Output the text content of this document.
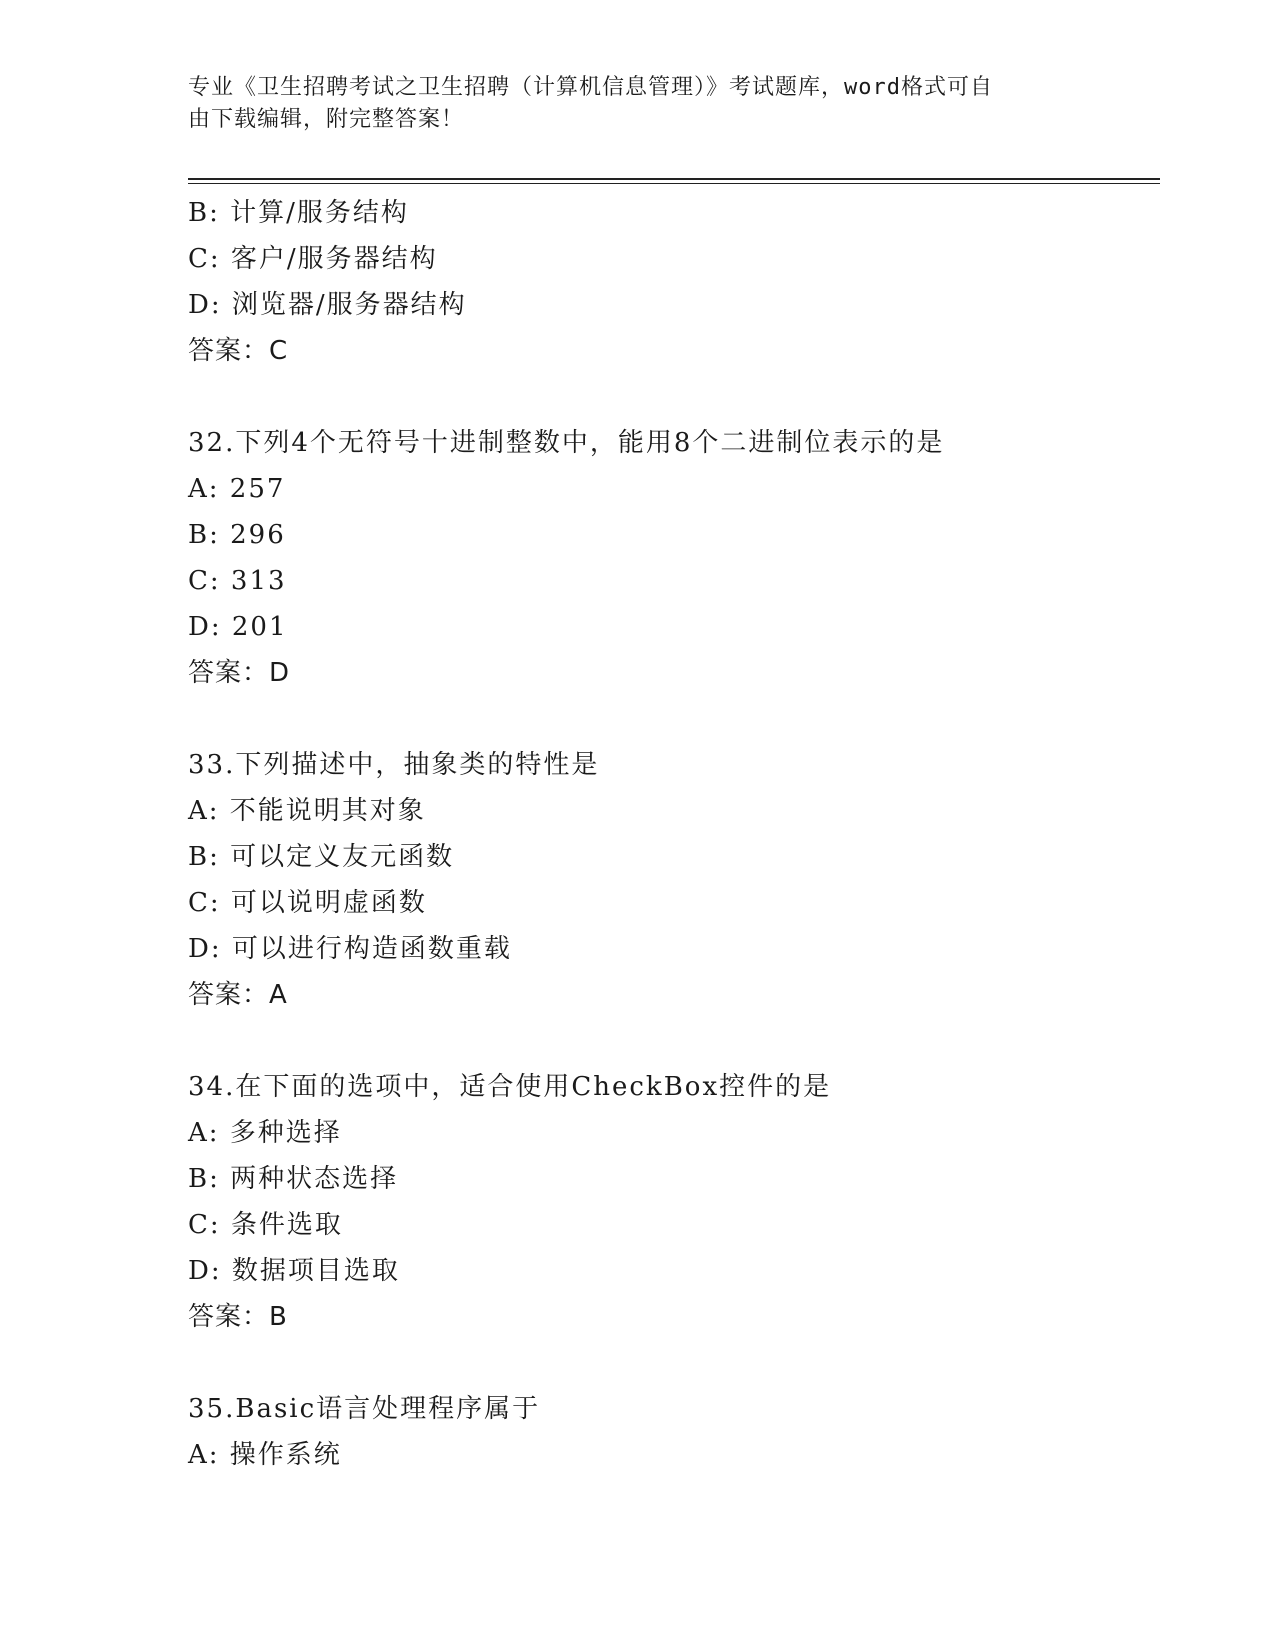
专业《卫生招聘考试之卫生招聘（计算机信息管理）》考试题库，word格式可自
由下载编辑，附完整答案！
B: 计算/服务结构
C: 客户/服务器结构
D: 浏览器/服务器结构
答案：C
32.下列4个无符号十进制整数中，能用8个二进制位表示的是
A: 257
B: 296
C: 313
D: 201
答案：D
33.下列描述中，抽象类的特性是
A: 不能说明其对象
B: 可以定义友元函数
C: 可以说明虚函数
D: 可以进行构造函数重载
答案：A
34.在下面的选项中，适合使用CheckBox控件的是
A: 多种选择
B: 两种状态选择
C: 条件选取
D: 数据项目选取
答案：B
35.Basic语言处理程序属于
A: 操作系统
